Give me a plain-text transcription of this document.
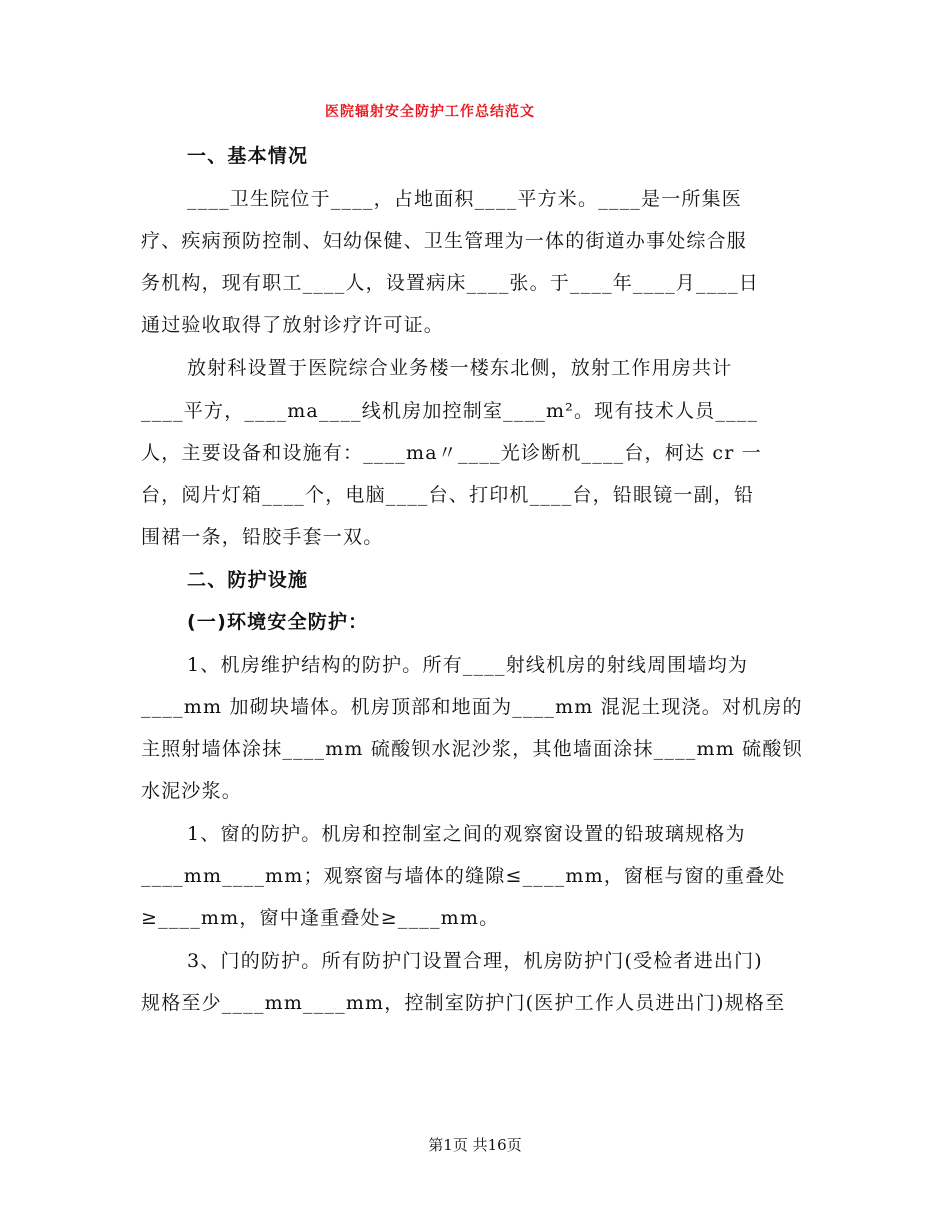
医院辐射安全防护工作总结范文
一、基本情况
____卫生院位于____，占地面积____平方米。____是一所集医
疗、疾病预防控制、妇幼保健、卫生管理为一体的街道办事处综合服
务机构，现有职工____人，设置病床____张。于____年____月____日
通过验收取得了放射诊疗许可证。
放射科设置于医院综合业务楼一楼东北侧，放射工作用房共计
____平方，____ma____线机房加控制室____m²。现有技术人员____
人，主要设备和设施有：____ma〃____光诊断机____台，柯达 cr 一
台，阅片灯箱____个，电脑____台、打印机____台，铅眼镜一副，铅
围裙一条，铅胶手套一双。
二、防护设施
(一)环境安全防护：
1、机房维护结构的防护。所有____射线机房的射线周围墙均为
____mm 加砌块墙体。机房顶部和地面为____mm 混泥土现浇。对机房的
主照射墙体涂抹____mm 硫酸钡水泥沙浆，其他墙面涂抹____mm 硫酸钡
水泥沙浆。
1、窗的防护。机房和控制室之间的观察窗设置的铅玻璃规格为
____mm____mm；观察窗与墙体的缝隙≤____mm，窗框与窗的重叠处
≥____mm，窗中逢重叠处≥____mm。
3、门的防护。所有防护门设置合理，机房防护门(受检者进出门)
规格至少____mm____mm，控制室防护门(医护工作人员进出门)规格至
第1页 共16页
